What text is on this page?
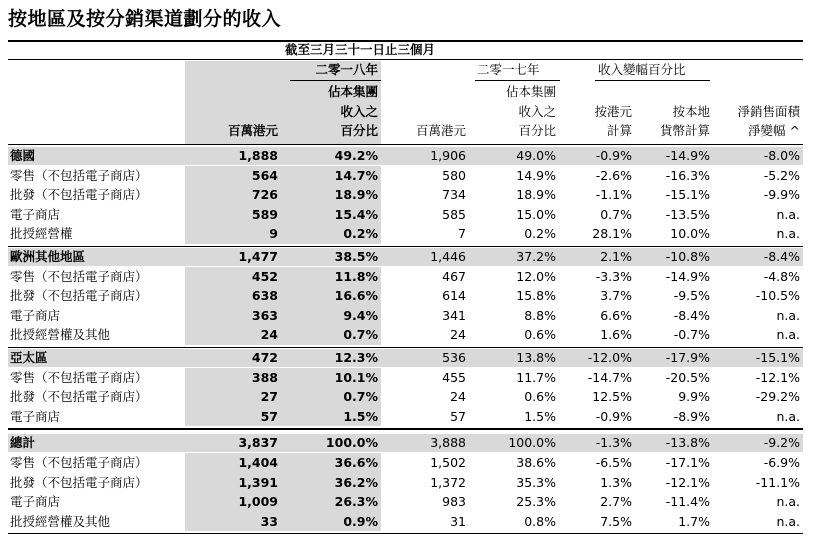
按地區及按分銷渠道劃分的收入
截至三月三十一日止三個月
二零一八年	二零一七年	收入變幅百分比
百萬港元
佔本集團
收入之
百分比	百萬港元
佔本集團
收入之
百分比
按港元
計算
按本地
貨幣計算
淨銷售面積
淨變幅 ^
德國	1,888	49.2%	1,906	49.0%	-0.9%	-14.9%	-8.0%
零售（不包括電子商店）	564	14.7%	580	14.9%	-2.6%	-16.3%	-5.2%
批發（不包括電子商店）	726	18.9%	734	18.9%	-1.1%	-15.1%	-9.9%
電子商店	589	15.4%	585	15.0%	0.7%	-13.5%	n.a.
批授經營權	9	0.2%	7	0.2%	28.1%	10.0%	n.a.
歐洲其他地區	1,477	38.5%	1,446	37.2%	2.1%	-10.8%	-8.4%
零售（不包括電子商店）	452	11.8%	467	12.0%	-3.3%	-14.9%	-4.8%
批發（不包括電子商店）	638	16.6%	614	15.8%	3.7%	-9.5%	-10.5%
電子商店	363	9.4%	341	8.8%	6.6%	-8.4%	n.a.
批授經營權及其他	24	0.7%	24	0.6%	1.6%	-0.7%	n.a.
亞太區	472	12.3%	536	13.8%	-12.0%	-17.9%	-15.1%
零售（不包括電子商店）	388	10.1%	455	11.7%	-14.7%	-20.5%	-12.1%
批發（不包括電子商店）	27	0.7%	24	0.6%	12.5%	9.9%	-29.2%
電子商店	57	1.5%	57	1.5%	-0.9%	-8.9%	n.a.
總計	3,837	100.0%	3,888	100.0%	-1.3%	-13.8%	-9.2%
零售（不包括電子商店）	1,404	36.6%	1,502	38.6%	-6.5%	-17.1%	-6.9%
批發（不包括電子商店）	1,391	36.2%	1,372	35.3%	1.3%	-12.1%	-11.1%
電子商店	1,009	26.3%	983	25.3%	2.7%	-11.4%	n.a.
批授經營權及其他	33	0.9%	31	0.8%	7.5%	1.7%	n.a.
